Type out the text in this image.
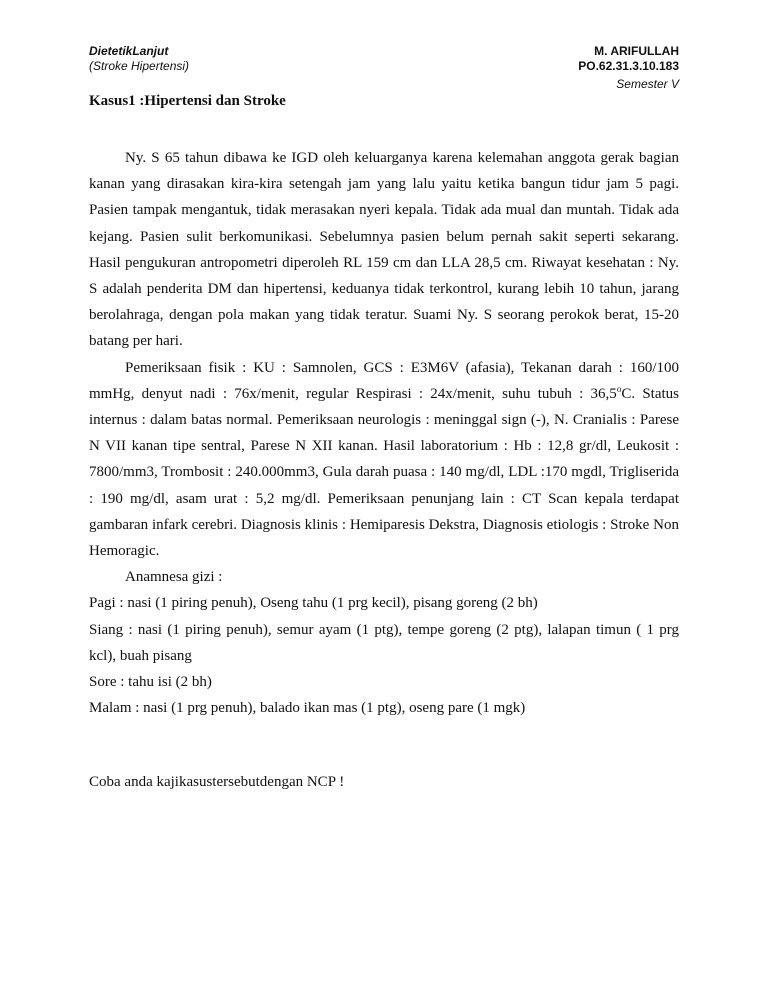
DietetikLanjut
(Stroke Hipertensi)
M. ARIFULLAH
PO.62.31.3.10.183
Semester V
Kasus1 :Hipertensi dan Stroke

Ny. S 65 tahun dibawa ke IGD oleh keluarganya karena kelemahan anggota gerak bagian kanan yang dirasakan kira-kira setengah jam yang lalu yaitu ketika bangun tidur jam 5 pagi. Pasien tampak mengantuk, tidak merasakan nyeri kepala. Tidak ada mual dan muntah. Tidak ada kejang. Pasien sulit berkomunikasi. Sebelumnya pasien belum pernah sakit seperti sekarang. Hasil pengukuran antropometri diperoleh RL 159 cm dan LLA 28,5 cm. Riwayat kesehatan : Ny. S adalah penderita DM dan hipertensi, keduanya tidak terkontrol, kurang lebih 10 tahun, jarang berolahraga, dengan pola makan yang tidak teratur. Suami Ny. S seorang perokok berat, 15-20 batang per hari.

Pemeriksaan fisik : KU : Samnolen, GCS : E3M6V (afasia), Tekanan darah : 160/100 mmHg, denyut nadi : 76x/menit, regular Respirasi : 24x/menit, suhu tubuh : 36,5$^o$C. Status internus : dalam batas normal. Pemeriksaan neurologis : meninggal sign (-), N. Cranialis : Parese N VII kanan tipe sentral, Parese N XII kanan. Hasil laboratorium : Hb : 12,8 gr/dl, Leukosit : 7800/mm3, Trombosit : 240.000mm3, Gula darah puasa : 140 mg/dl, LDL :170 mgdl, Trigliserida : 190 mg/dl, asam urat : 5,2 mg/dl. Pemeriksaan penunjang lain : CT Scan kepala terdapat gambaran infark cerebri. Diagnosis klinis : Hemiparesis Dekstra, Diagnosis etiologis : Stroke Non Hemoragic.

Anamnesa gizi :

Pagi : nasi (1 piring penuh), Oseng tahu (1 prg kecil), pisang goreng (2 bh)

Siang : nasi (1 piring penuh), semur ayam (1 ptg), tempe goreng (2 ptg), lalapan timun ( 1 prg kcl), buah pisang

Sore : tahu isi (2 bh)

Malam : nasi (1 prg penuh), balado ikan mas (1 ptg), oseng pare (1 mgk)

Coba anda kajikasustersebutdengan NCP !
